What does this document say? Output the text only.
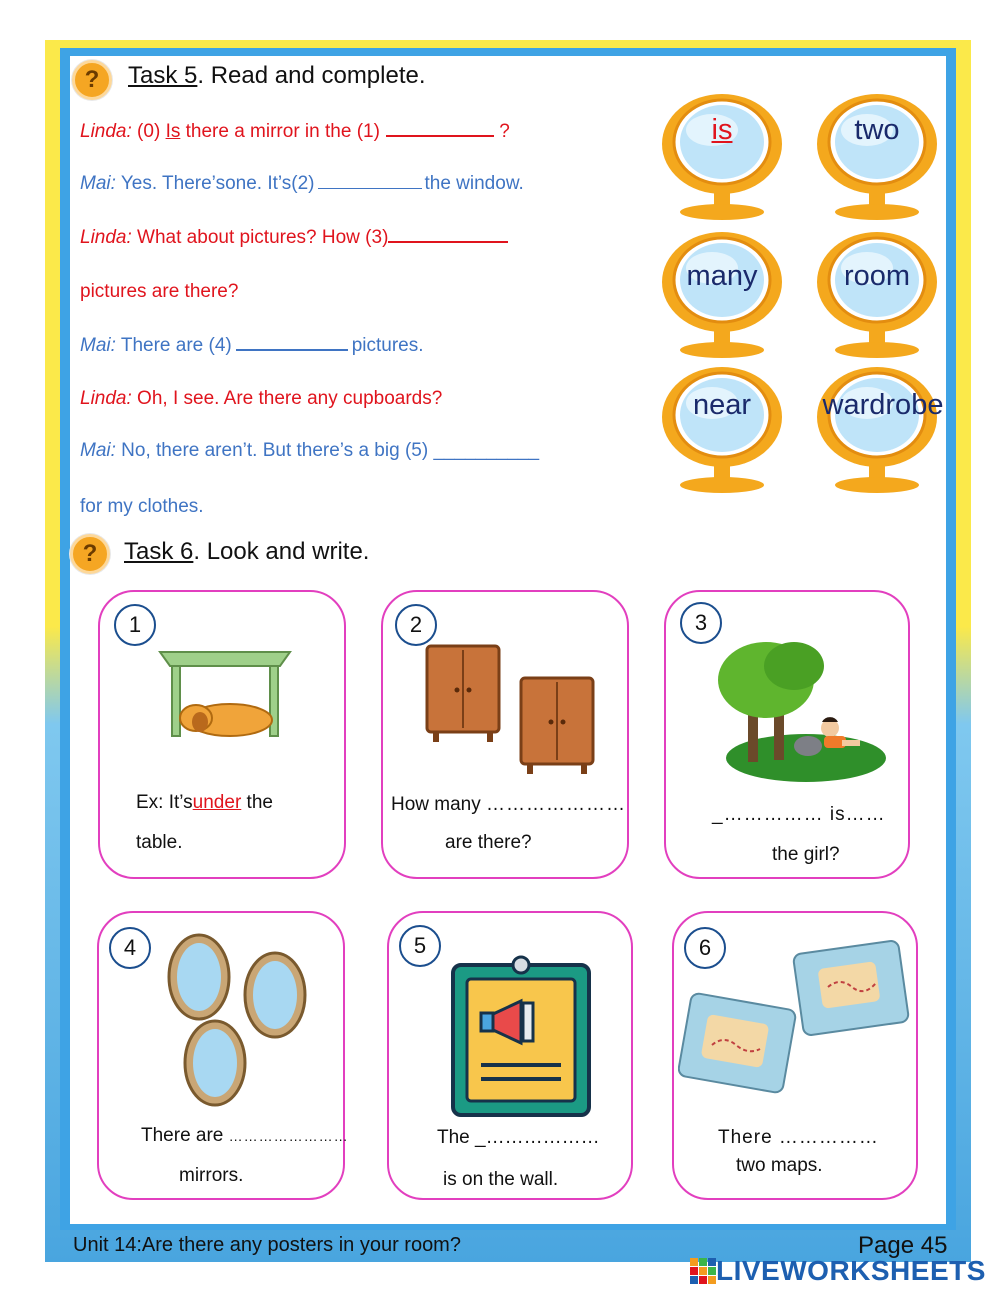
?	Task 5. Read and complete.
Linda: (0) Is there a mirror in the (1)	?
Mai: Yes. There’sone. It’s(2)	the window.
Linda: What about pictures? How (3)
pictures are there?
Mai: There are (4)	pictures.
Linda: Oh, I see. Are there any cupboards?
Mai: No, there aren’t. But there’s a big (5) __________
for my clothes.
is	two
many	room
near	wardrobe
?	Task 6. Look and write.
1
Ex: It’sunder the
table.
2
How many …………………
are there?
3
_…………… is……
the girl?
4
There are ……………………
mirrors.
5
The _………………
is on the wall.
6
There ……………
two maps.
Unit 14:Are there any posters in your room?	Page 45
LIVEWORKSHEETS
